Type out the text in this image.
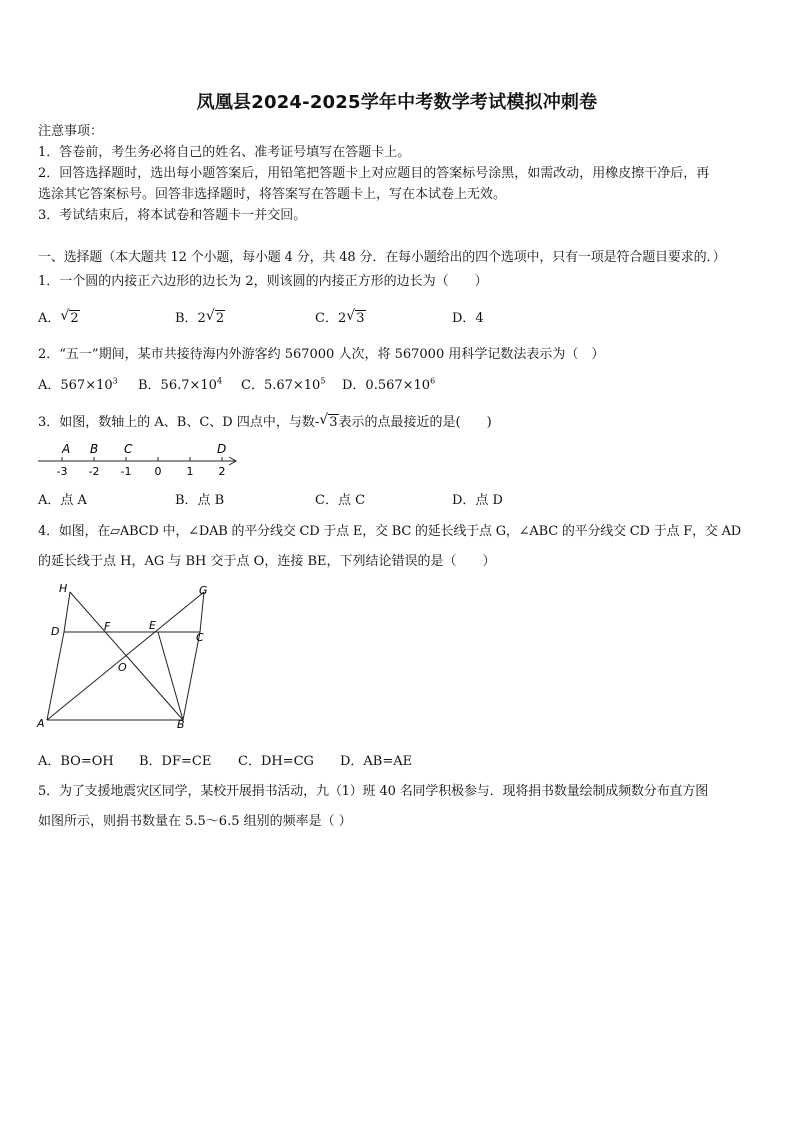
凤凰县2024-2025学年中考数学考试模拟冲刺卷
注意事项：
1．答卷前，考生务必将自己的姓名、准考证号填写在答题卡上。
2．回答选择题时，选出每小题答案后，用铅笔把答题卡上对应题目的答案标号涂黑，如需改动，用橡皮擦干净后，再
选涂其它答案标号。回答非选择题时，将答案写在答题卡上，写在本试卷上无效。
3．考试结束后，将本试卷和答题卡一并交回。
一、选择题（本大题共 12 个小题，每小题 4 分，共 48 分．在每小题给出的四个选项中，只有一项是符合题目要求的．）
1．一个圆的内接正六边形的边长为 2，则该圆的内接正方形的边长为（　　）
A． √ 2	B．2 √ 2	C．2 √ 3	D．4
2．“五一”期间，某市共接待海内外游客约 567000 人次，将 567000 用科学记数法表示为（　）
A．$567\times 10^3$ B．$56.7\times 10^4$ C．$5.67\times 10^5$ D．$0.567\times 10^6$
3．如图，数轴上的 A、B、C、D 四点中，与数- √ 3表示的点最接近的是(　　)
-3 -2 -1 0 1 2
A B C	D
A．点 A	B．点 B	C．点 C	D．点 D
4．如图，在▱ABCD 中，∠DAB 的平分线交 CD 于点 E，交 BC 的延长线于点 G，∠ABC 的平分线交 CD 于点 F，交 AD
的延长线于点 H，AG 与 BH 交于点 O，连接 BE，下列结论错误的是（　　）
H	G
D	F	E
C
O
A	B
A．BO=OH B．DF=CE C．DH=CG D．AB=AE
5．为了支援地震灾区同学，某校开展捐书活动，九（1）班 40 名同学积极参与．现将捐书数量绘制成频数分布直方图
如图所示，则捐书数量在 5.5～6.5 组别的频率是（ ）
